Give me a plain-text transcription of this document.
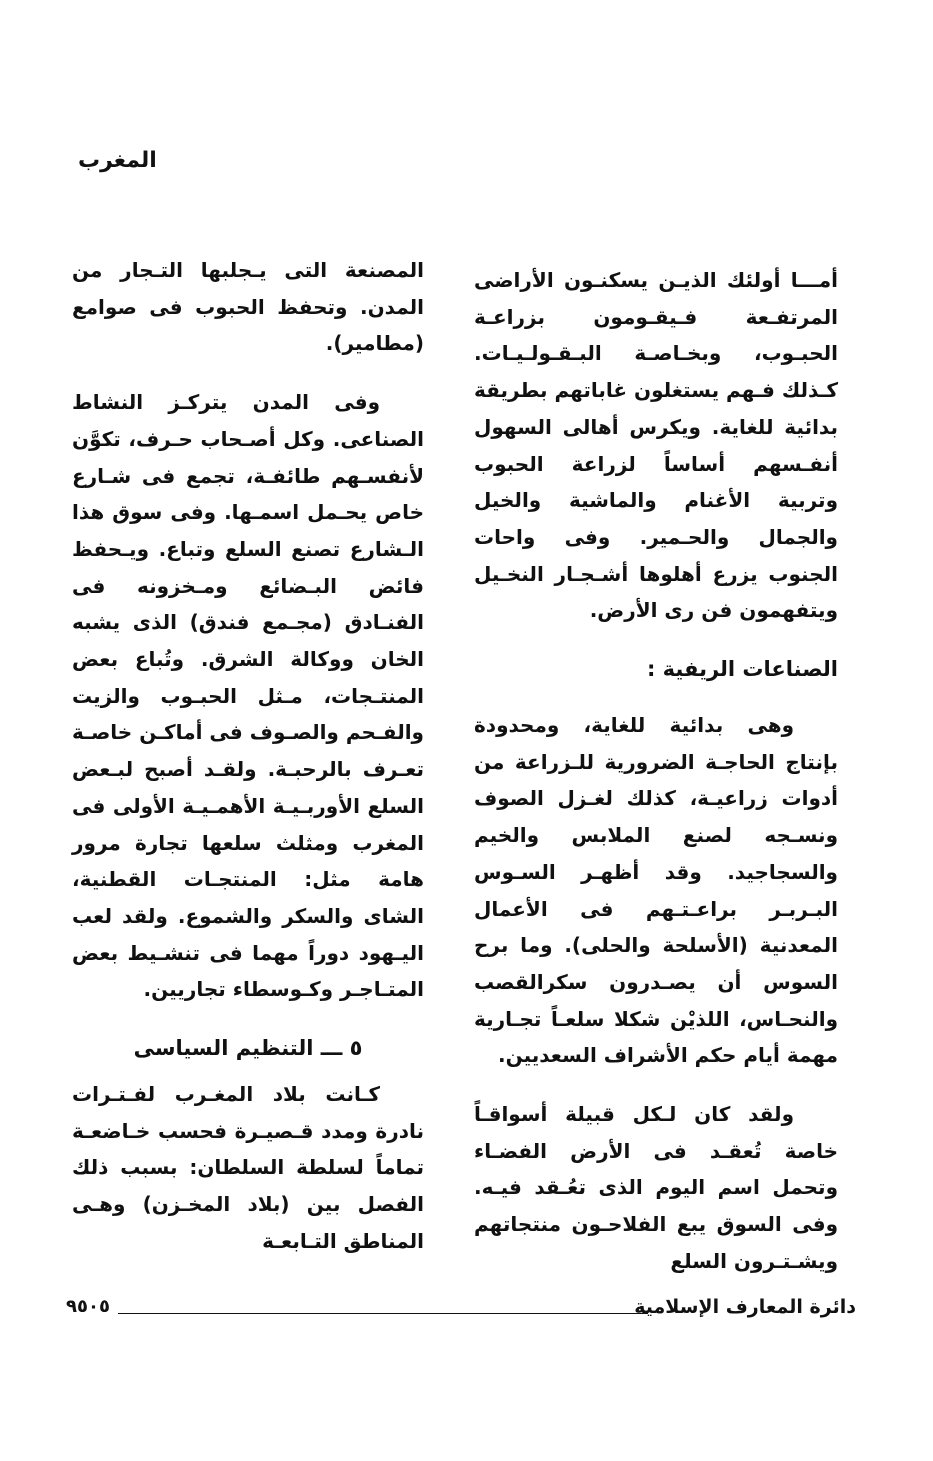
المغرب

أمـــا أولئك الذيـن يسكنـون الأراضى المرتفـعة فـيقـومون بزراعـة الحبـوب، وبخـاصـة البـقـولـيـات. كـذلك فـهم يستغلون غاباتهم بطريقة بدائية للغاية. ويكرس أهالى السهول أنفـسهم أساساً لزراعة الحبوب وتربية الأغنام والماشية والخيل والجمال والحـمير. وفى واحات الجنوب يزرع أهلوها أشـجـار النخـيل ويتفهمون فن رى الأرض.

الصناعات الريفية :

وهى بدائية للغاية، ومحدودة بإنتاج الحاجـة الضرورية للـزراعة من أدوات زراعيـة، كذلك لغـزل الصوف ونسـجه لصنع الملابس والخيم والسجاجيد. وقد أظهـر السـوس البـربـر براعـتـهم فى الأعمال المعدنية (الأسلحة والحلى). وما برح السوس أن يصـدرون سكرالقصب والنحـاس، اللذيْن شكلا سلعـاً تجـارية مهمة أيام حكم الأشراف السعديين.

ولقد كان لـكل قبيلة أسواقـاً خاصة تُعقـد فى الأرض الفضـاء وتحمل اسم اليوم الذى تعُـقد فيـه. وفى السوق يبع الفلاحـون منتجاتهم ويشـتـرون السلع

المصنعة التى يـجلبها التـجار من المدن. وتحفظ الحبوب فى صوامع (مطامير).

وفى المدن يتركـز النشاط الصناعى. وكل أصـحاب حـرف، تكوَّن لأنفسـهم طائفـة، تجمع فى شـارع خاص يحـمل اسمـها. وفى سوق هذا الـشارع تصنع السلع وتباع. ويـحفظ فائض البـضائع ومـخزونه فى الفنـادق (مجـمع فندق) الذى يشبه الخان ووكالة الشرق. وتُباع بعض المنتـجات، مـثل الحبـوب والزيت والفـحم والصـوف فى أماكـن خاصـة تعـرف بالرحبـة. ولقـد أصبح لبـعض السلع الأوربـيـة الأهمـيـة الأولى فى المغرب ومثلث سلعها تجارة مرور هامة مثل: المنتجـات القطنية، الشاى والسكر والشموع. ولقد لعب اليـهود دوراً مهما فى تنشـيط بعض المتـاجـر وكـوسطاء تجاريين.

٥ ـــ التنظيم السياسى

كـانت بلاد المغـرب لفـتـرات نادرة ومدد قـصيـرة فحسب خـاضعـة تماماً لسلطة السلطان: بسبب ذلك الفصل بين (بلاد المخـزن) وهـى المناطق التـابعـة

دائرة المعارف الإسلامية
٩٥٠٥
